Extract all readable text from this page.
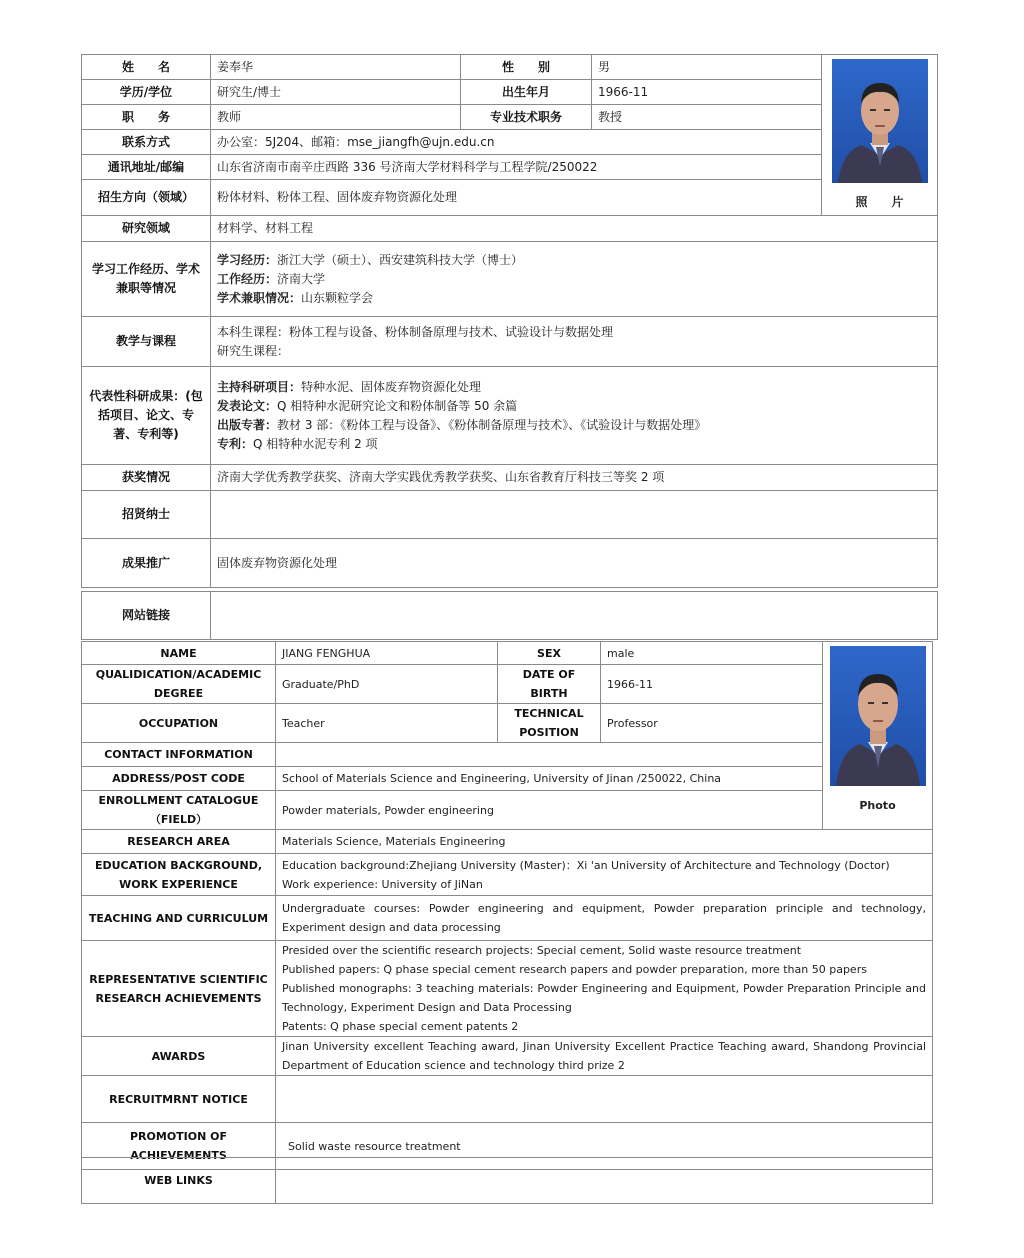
姓　　名	姜奉华	性　　别	男	照　　片

学历/学位	研究生/博士	出生年月	1966-11	
职　　务	教师	专业技术职务	教授	
联系方式	办公室：5J204、邮箱：mse_jiangfh@ujn.edu.cn			
通讯地址/邮编	山东省济南市南辛庄西路 336 号济南大学材料科学与工程学院/250022			
招生方向（领域）	粉体材料、粉体工程、固体废弃物资源化处理			
研究领域	材料学、材料工程			
学习工作经历、学术兼职等情况	学习经历：浙江大学（硕士）、西安建筑科技大学（博士）
工作经历：济南大学
学术兼职情况：山东颗粒学会			

教学与课程	本科生课程：粉体工程与设备、粉体制备原理与技术、试验设计与数据处理
研究生课程：			

代表性科研成果：(包括项目、论文、专著、专利等)	主持科研项目：特种水泥、固体废弃物资源化处理
发表论文：Q 相特种水泥研究论文和粉体制备等 50 余篇
出版专著：教材 3 部：《粉体工程与设备》、《粉体制备原理与技术》、《试验设计与数据处理》
专利：Q 相特种水泥专利 2 项			

获奖情况	济南大学优秀教学获奖、济南大学实践优秀教学获奖、山东省教育厅科技三等奖 2 项			
招贤纳士				
成果推广	固体废弃物资源化处理			
网站链接	
NAME	JIANG FENGHUA	SEX	male	Photo

QUALIDICATION/ACADEMIC DEGREE	Graduate/PhD	DATE OF BIRTH	1966-11	
OCCUPATION	Teacher	TECHNICAL POSITION	Professor	
CONTACT INFORMATION				
ADDRESS/POST CODE	School of Materials Science and Engineering, University of Jinan /250022, China			
ENROLLMENT CATALOGUE（FIELD）	Powder materials, Powder engineering			
RESEARCH AREA	Materials Science, Materials Engineering			
EDUCATION BACKGROUND, WORK EXPERIENCE	Education background:Zhejiang University (Master)：Xi 'an University of Architecture and Technology (Doctor)
Work experience: University of JiNan			

TEACHING AND CURRICULUM	Undergraduate courses: Powder engineering and equipment, Powder preparation principle and technology, Experiment design and data processing			
REPRESENTATIVE SCIENTIFIC RESEARCH ACHIEVEMENTS	Presided over the scientific research projects: Special cement, Solid waste resource treatment
Published papers: Q phase special cement research papers and powder preparation, more than 50 papers
Published monographs: 3 teaching materials: Powder Engineering and Equipment, Powder Preparation Principle and Technology, Experiment Design and Data Processing
Patents: Q phase special cement patents 2			

AWARDS	Jinan University excellent Teaching award, Jinan University Excellent Practice Teaching award, Shandong Provincial Department of Education science and technology third prize 2			
RECRUITMRNT NOTICE				
PROMOTION OF ACHIEVEMENTS	Solid waste resource treatment			
WEB LINKS	
